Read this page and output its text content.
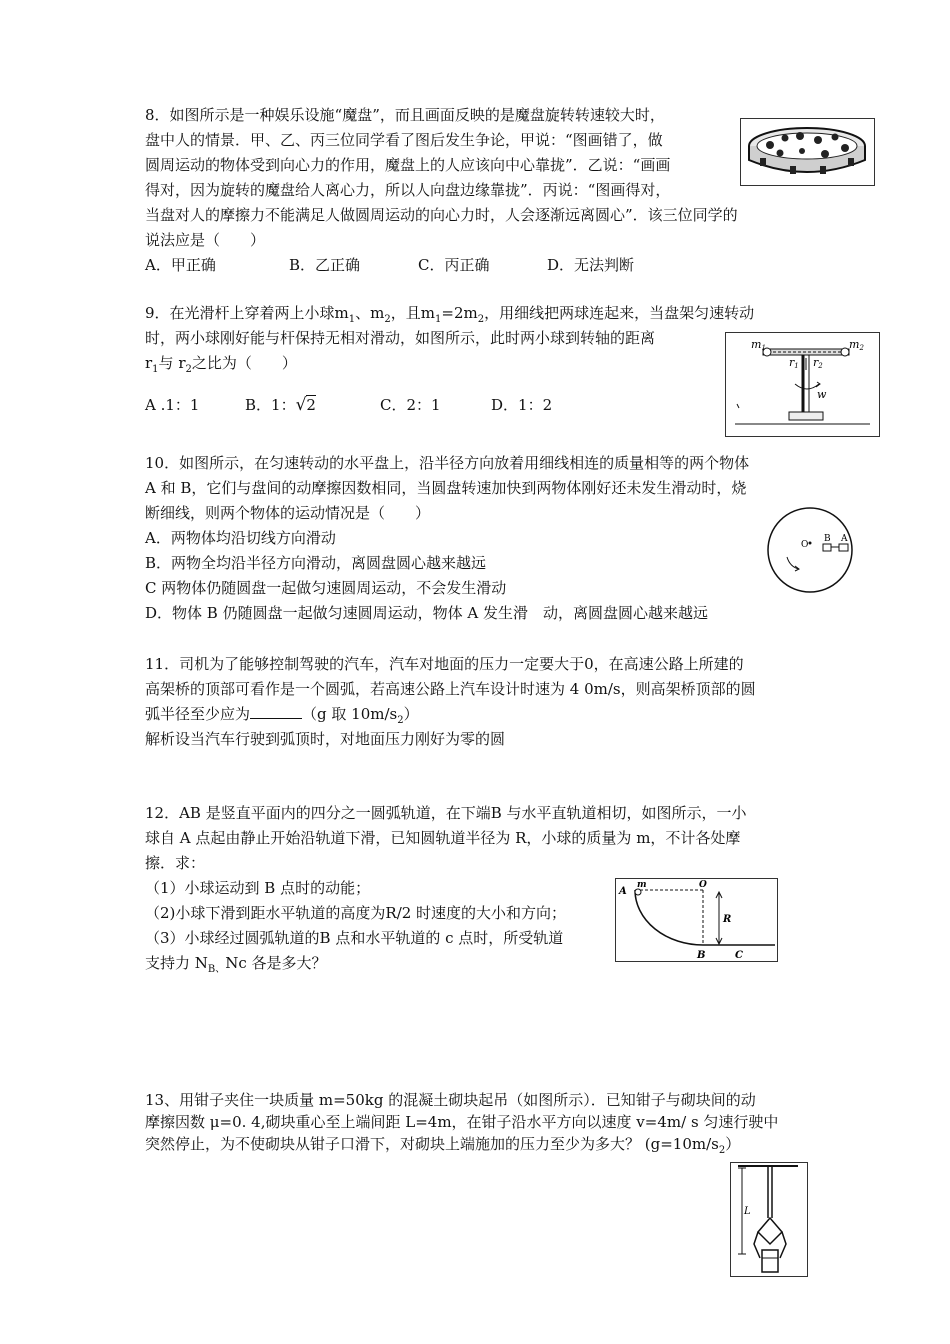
8．如图所示是一种娱乐设施“魔盘”，而且画面反映的是魔盘旋转转速较大时，
盘中人的情景．甲、乙、丙三位同学看了图后发生争论，甲说：“图画错了，做
圆周运动的物体受到向心力的作用，魔盘上的人应该向中心靠拢”．乙说：“画画
得对，因为旋转的魔盘给人离心力，所以人向盘边缘靠拢”．丙说：“图画得对，
当盘对人的摩擦力不能满足人做圆周运动的向心力时，人会逐渐远离圆心”．该三位同学的
说法应是（　　）
A．甲正确	B．乙正确	C．丙正确	D．无法判断
9．在光滑杆上穿着两上小球$m_1$、$m_2$，且$m_1=2m_2$，用细线把两球连起来，当盘架匀速转动
时，两小球刚好能与杆保持无相对滑动，如图所示，此时两小球到转轴的距离
$r_1$与 $r_2$之比为（　　）
A .1：1	B．1：√2	C．2：1	D．1：2
m1	m2
r1 r2
w
10．如图所示，在匀速转动的水平盘上，沿半径方向放着用细线相连的质量相等的两个物体
A 和 B，它们与盘间的动摩擦因数相同，当圆盘转速加快到两物体刚好还未发生滑动时，烧
断细线，则两个物体的运动情况是（　　）
A．两物体均沿切线方向滑动
B．两物全均沿半径方向滑动，离圆盘圆心越来越远
C 两物体仍随圆盘一起做匀速圆周运动，不会发生滑动
D．物体 B 仍随圆盘一起做匀速圆周运动，物体 A 发生滑　动，离圆盘圆心越来越远
O
B A
11．司机为了能够控制驾驶的汽车，汽车对地面的压力一定要大于0，在高速公路上所建的
高架桥的顶部可看作是一个圆弧，若高速公路上汽车设计时速为 4 0m/s，则高架桥顶部的圆
弧半径至少应为	（g 取 $10m/s_2$）
解析设当汽车行驶到弧顶时，对地面压力刚好为零的圆
12．AB 是竖直平面内的四分之一圆弧轨道，在下端B 与水平直轨道相切，如图所示，一小
球自 A 点起由静止开始沿轨道下滑，已知圆轨道半径为 R，小球的质量为 m，不计各处摩
擦．求：
（1）小球运动到 B 点时的动能；
（2)小球下滑到距水平轨道的高度为R/2 时速度的大小和方向；
（3）小球经过圆弧轨道的B 点和水平轨道的 c 点时，所受轨道
支持力 $N_{B、}Nc$ 各是多大？
A
m	O
R
B	C
13、用钳子夹住一块质量 m=50kg 的混凝土砌块起吊（如图所示）．已知钳子与砌块间的动
摩擦因数 μ=0. 4,砌块重心至上端间距 L=4m，在钳子沿水平方向以速度 v=4m/ s 匀速行驶中
突然停止，为不使砌块从钳子口滑下，对砌块上端施加的压力至少为多大？ $(g=10m/s_2)$
L
